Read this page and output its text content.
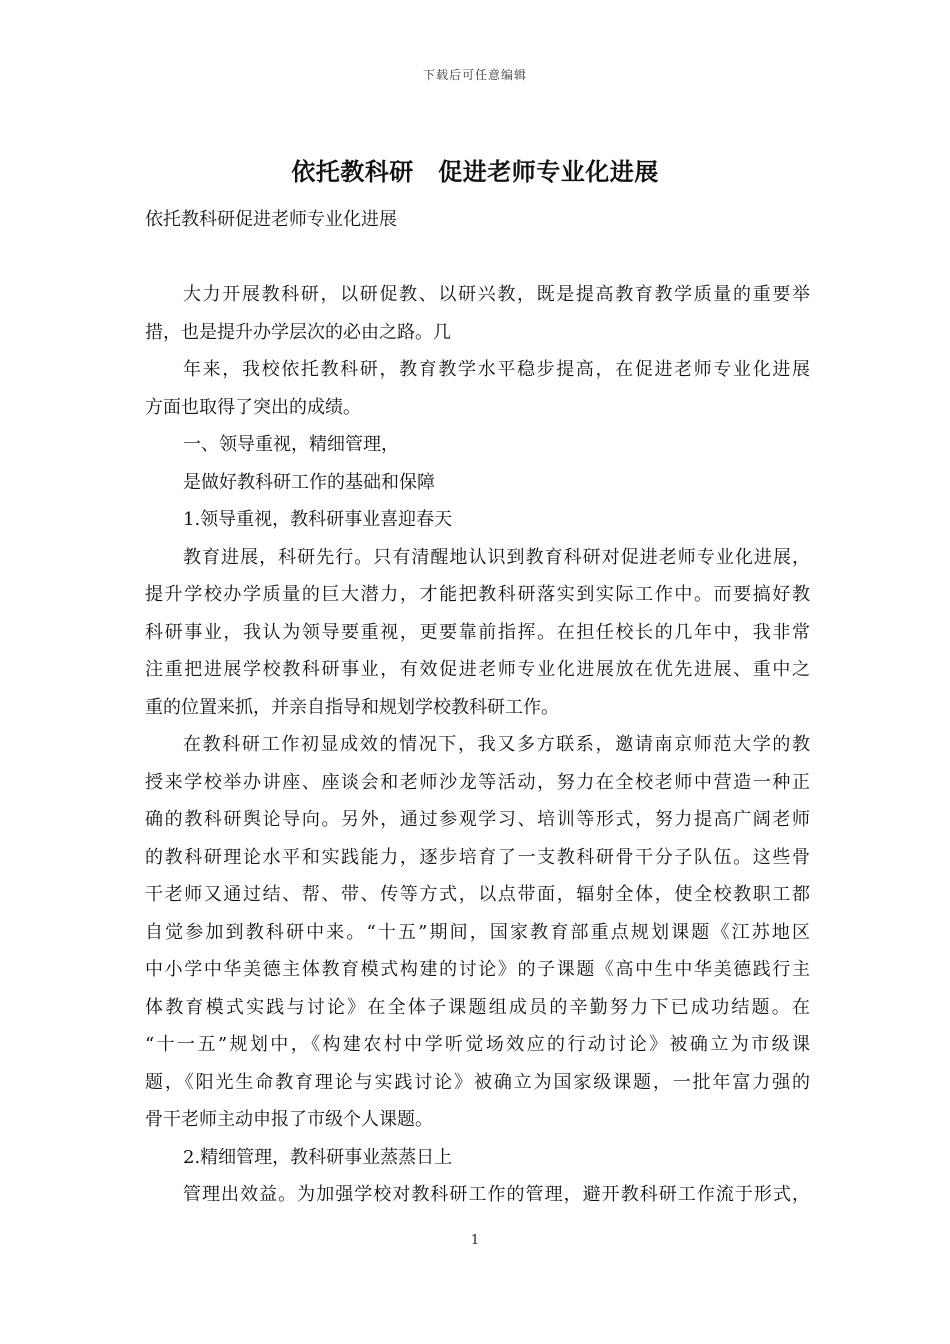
下载后可任意编辑
依托教科研　促进老师专业化进展
依托教科研促进老师专业化进展
大力开展教科研，以研促教、以研兴教，既是提高教育教学质量的重要举
措，也是提升办学层次的必由之路。几
年来，我校依托教科研，教育教学水平稳步提高，在促进老师专业化进展
方面也取得了突出的成绩。
一、领导重视，精细管理，
是做好教科研工作的基础和保障
1.领导重视，教科研事业喜迎春天
教育进展，科研先行。只有清醒地认识到教育科研对促进老师专业化进展，
提升学校办学质量的巨大潜力，才能把教科研落实到实际工作中。而要搞好教
科研事业，我认为领导要重视，更要靠前指挥。在担任校长的几年中，我非常
注重把进展学校教科研事业，有效促进老师专业化进展放在优先进展、重中之
重的位置来抓，并亲自指导和规划学校教科研工作。
在教科研工作初显成效的情况下，我又多方联系，邀请南京师范大学的教
授来学校举办讲座、座谈会和老师沙龙等活动，努力在全校老师中营造一种正
确的教科研舆论导向。另外，通过参观学习、培训等形式，努力提高广阔老师
的教科研理论水平和实践能力，逐步培育了一支教科研骨干分子队伍。这些骨
干老师又通过结、帮、带、传等方式，以点带面，辐射全体，使全校教职工都
自觉参加到教科研中来。“十五”期间，国家教育部重点规划课题《江苏地区
中小学中华美德主体教育模式构建的讨论》的子课题《高中生中华美德践行主
体教育模式实践与讨论》在全体子课题组成员的辛勤努力下已成功结题。在
“十一五”规划中，《构建农村中学听觉场效应的行动讨论》被确立为市级课
题，《阳光生命教育理论与实践讨论》被确立为国家级课题，一批年富力强的
骨干老师主动申报了市级个人课题。
2.精细管理，教科研事业蒸蒸日上
管理出效益。为加强学校对教科研工作的管理，避开教科研工作流于形式，
1
